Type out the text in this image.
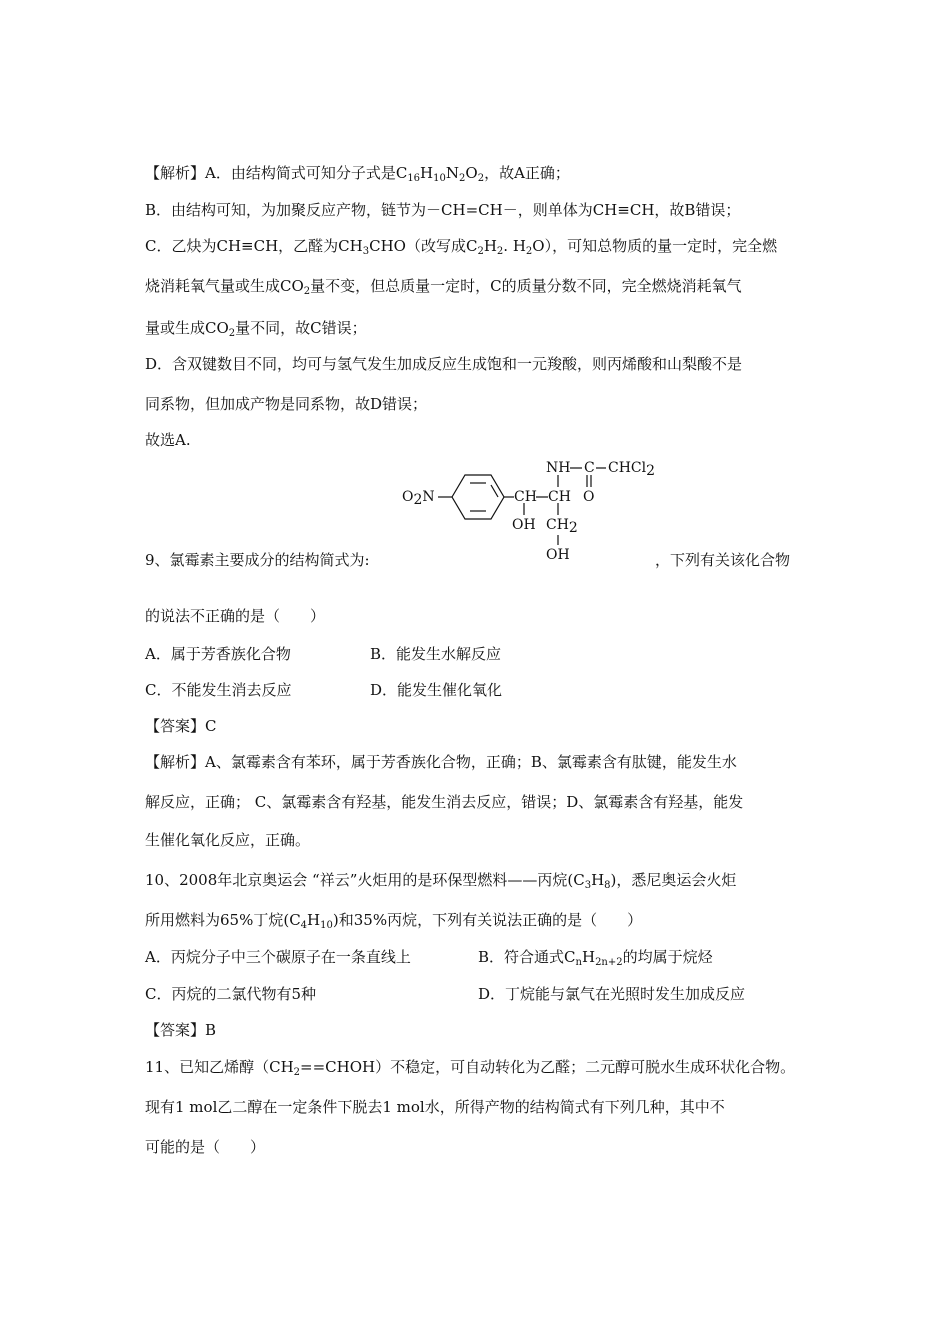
【解析】A．由结构简式可知分子式是$C_{16}H_{10}N_2O_2$，故A正确；
B．由结构可知，为加聚反应产物，链节为－CH=CH－，则单体为CH≡CH，故B错误；
C．乙炔为CH≡CH，乙醛为$CH_3CHO$（改写成$C_2H_2$. $H_2O$），可知总物质的量一定时，完全燃
烧消耗氧气量或生成$CO_2$量不变，但总质量一定时，C的质量分数不同，完全燃烧消耗氧气
量或生成$CO_2$量不同，故C错误；
D．含双键数目不同，均可与氢气发生加成反应生成饱和一元羧酸，则丙烯酸和山梨酸不是
同系物，但加成产物是同系物，故D错误；
故选A.
O2N	CH CH
OH
NH C CHCl2
O
CH2
OH
9、氯霉素主要成分的结构简式为:	，下列有关该化合物
的说法不正确的是（　　）
A．属于芳香族化合物	B．能发生水解反应
C．不能发生消去反应	D．能发生催化氧化
【答案】C
【解析】A、氯霉素含有苯环，属于芳香族化合物，正确；B、氯霉素含有肽键，能发生水
解反应，正确； C、氯霉素含有羟基，能发生消去反应，错误；D、氯霉素含有羟基，能发
生催化氧化反应，正确。
10、2008年北京奥运会 “祥云”火炬用的是环保型燃料——丙烷$(C_3H_8)$，悉尼奥运会火炬
所用燃料为65%丁烷$(C_4H_{10})$和35%丙烷，下列有关说法正确的是（　　）
A．丙烷分子中三个碳原子在一条直线上	B．符合通式$C_nH_{2n+2}$的均属于烷烃
C．丙烷的二氯代物有5种	D．丁烷能与氯气在光照时发生加成反应
【答案】B
11、已知乙烯醇$(CH_2==CHOH)$不稳定，可自动转化为乙醛；二元醇可脱水生成环状化合物。
现有1 mol乙二醇在一定条件下脱去1 mol水，所得产物的结构简式有下列几种，其中不
可能的是（　　）
